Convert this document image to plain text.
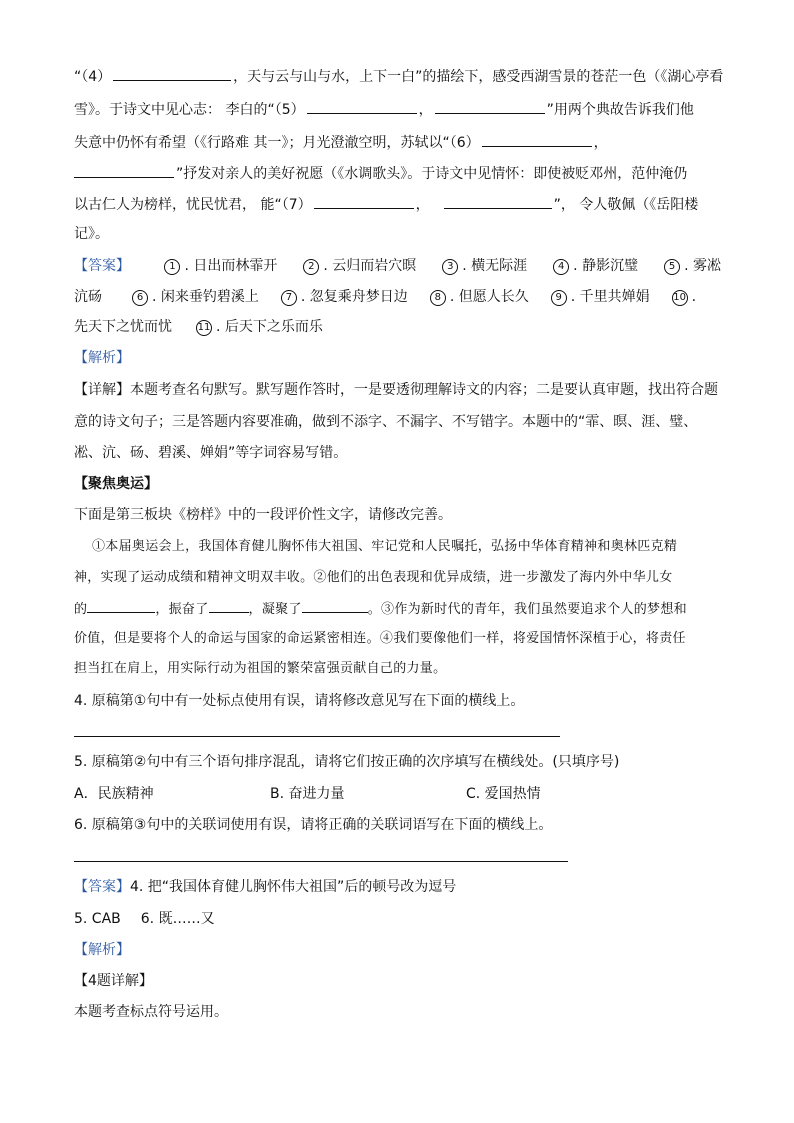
“（4）	，天与云与山与水，上下一白”的描绘下，感受西湖雪景的苍茫一色（《湖心亭看
雪》。于诗文中见心志： 李白的“（5）	，	”用两个典故告诉我们他
失意中仍怀有希望（《行路难 其一》；月光澄澈空明，苏轼以“（6）	，
”抒发对亲人的美好祝愿（《水调歌头》。于诗文中见情怀：即使被贬邓州，范仲淹仍
以古仁人为榜样，忧民忧君， 能“（7）	，	”， 令人敬佩（《岳阳楼
记》。
【答案】	1 . 日出而林霏开	2 . 云归而岩穴暝	3 . 横无际涯	4 . 静影沉璧	5 . 雾凇
沆砀	6 . 闲来垂钓碧溪上	7 . 忽复乘舟梦日边	8 . 但愿人长久	9 . 千里共婵娟 10 .
先天下之忧而忧	11 . 后天下之乐而乐
【解析】
【详解】本题考查名句默写。默写题作答时，一是要透彻理解诗文的内容；二是要认真审题，找出符合题
意的诗文句子；三是答题内容要准确，做到不添字、不漏字、不写错字。本题中的“霏、暝、涯、璧、
凇、沆、砀、碧溪、婵娟”等字词容易写错。
【聚焦奥运】
下面是第三板块《榜样》中的一段评价性文字，请修改完善。
①本届奥运会上，我国体育健儿胸怀伟大祖国、牢记党和人民嘱托，弘扬中华体育精神和奥林匹克精
神，实现了运动成绩和精神文明双丰收。②他们的出色表现和优异成绩，进一步激发了海内外中华儿女
的	，振奋了	，凝聚了	。③作为新时代的青年，我们虽然要追求个人的梦想和
价值，但是要将个人的命运与国家的命运紧密相连。④我们要像他们一样，将爱国情怀深植于心，将责任
担当扛在肩上，用实际行动为祖国的繁荣富强贡献自己的力量。
4. 原稿第①句中有一处标点使用有误，请将修改意见写在下面的横线上。
5. 原稿第②句中有三个语句排序混乱，请将它们按正确的次序填写在横线处。(只填序号)
A．民族精神	B. 奋进力量	C. 爱国热情
6. 原稿第③句中的关联词使用有误，请将正确的关联词语写在下面的横线上。
【答案】4. 把“我国体育健儿胸怀伟大祖国”后的顿号改为逗号
5. CAB 6. 既……又
【解析】
【4题详解】
本题考查标点符号运用。
